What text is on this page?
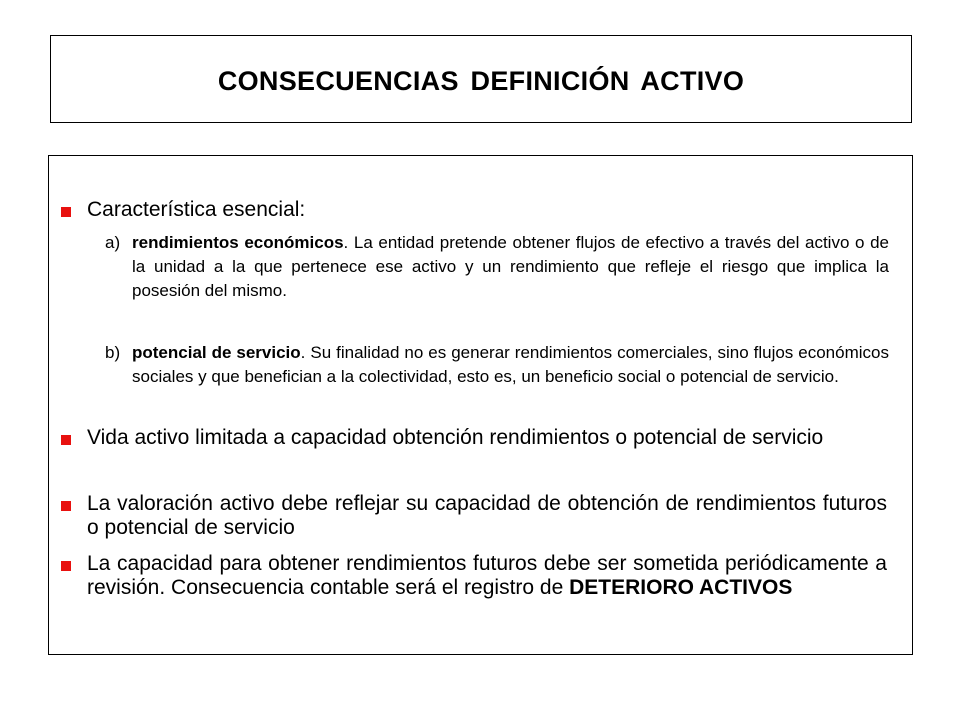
CONSECUENCIAS DEFINICIÓN ACTIVO
Característica esencial:
a) rendimientos económicos. La entidad pretende obtener flujos de efectivo a través del activo o de la unidad a la que pertenece ese activo y un rendimiento que refleje el riesgo que implica la posesión del mismo.
b) potencial de servicio. Su finalidad no es generar rendimientos comerciales, sino flujos económicos sociales y que benefician a la colectividad, esto es, un beneficio social o potencial de servicio.
Vida activo limitada a capacidad obtención rendimientos o potencial de servicio
La valoración activo debe reflejar su capacidad de obtención de rendimientos futuros o potencial de servicio
La capacidad para obtener rendimientos futuros debe ser sometida periódicamente a revisión. Consecuencia contable será el registro de DETERIORO ACTIVOS
